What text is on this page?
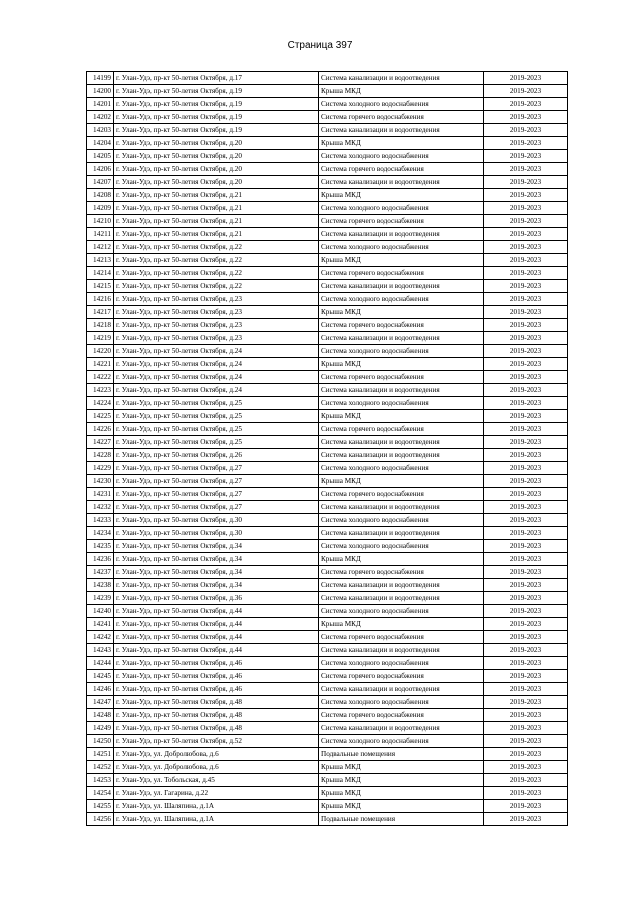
Страница 397
14199	г. Улан-Удэ, пр-кт 50-летия Октября, д.17	Система канализации и водоотведения	2019-2023
14200	г. Улан-Удэ, пр-кт 50-летия Октября, д.19	Крыша МКД	2019-2023
14201	г. Улан-Удэ, пр-кт 50-летия Октября, д.19	Система холодного водоснабжения	2019-2023
14202	г. Улан-Удэ, пр-кт 50-летия Октября, д.19	Система горячего водоснабжения	2019-2023
14203	г. Улан-Удэ, пр-кт 50-летия Октября, д.19	Система канализации и водоотведения	2019-2023
14204	г. Улан-Удэ, пр-кт 50-летия Октября, д.20	Крыша МКД	2019-2023
14205	г. Улан-Удэ, пр-кт 50-летия Октября, д.20	Система холодного водоснабжения	2019-2023
14206	г. Улан-Удэ, пр-кт 50-летия Октября, д.20	Система горячего водоснабжения	2019-2023
14207	г. Улан-Удэ, пр-кт 50-летия Октября, д.20	Система канализации и водоотведения	2019-2023
14208	г. Улан-Удэ, пр-кт 50-летия Октября, д.21	Крыша МКД	2019-2023
14209	г. Улан-Удэ, пр-кт 50-летия Октября, д.21	Система холодного водоснабжения	2019-2023
14210	г. Улан-Удэ, пр-кт 50-летия Октября, д.21	Система горячего водоснабжения	2019-2023
14211	г. Улан-Удэ, пр-кт 50-летия Октября, д.21	Система канализации и водоотведения	2019-2023
14212	г. Улан-Удэ, пр-кт 50-летия Октября, д.22	Система холодного водоснабжения	2019-2023
14213	г. Улан-Удэ, пр-кт 50-летия Октября, д.22	Крыша МКД	2019-2023
14214	г. Улан-Удэ, пр-кт 50-летия Октября, д.22	Система горячего водоснабжения	2019-2023
14215	г. Улан-Удэ, пр-кт 50-летия Октября, д.22	Система канализации и водоотведения	2019-2023
14216	г. Улан-Удэ, пр-кт 50-летия Октября, д.23	Система холодного водоснабжения	2019-2023
14217	г. Улан-Удэ, пр-кт 50-летия Октября, д.23	Крыша МКД	2019-2023
14218	г. Улан-Удэ, пр-кт 50-летия Октября, д.23	Система горячего водоснабжения	2019-2023
14219	г. Улан-Удэ, пр-кт 50-летия Октября, д.23	Система канализации и водоотведения	2019-2023
14220	г. Улан-Удэ, пр-кт 50-летия Октября, д.24	Система холодного водоснабжения	2019-2023
14221	г. Улан-Удэ, пр-кт 50-летия Октября, д.24	Крыша МКД	2019-2023
14222	г. Улан-Удэ, пр-кт 50-летия Октября, д.24	Система горячего водоснабжения	2019-2023
14223	г. Улан-Удэ, пр-кт 50-летия Октября, д.24	Система канализации и водоотведения	2019-2023
14224	г. Улан-Удэ, пр-кт 50-летия Октября, д.25	Система холодного водоснабжения	2019-2023
14225	г. Улан-Удэ, пр-кт 50-летия Октября, д.25	Крыша МКД	2019-2023
14226	г. Улан-Удэ, пр-кт 50-летия Октября, д.25	Система горячего водоснабжения	2019-2023
14227	г. Улан-Удэ, пр-кт 50-летия Октября, д.25	Система канализации и водоотведения	2019-2023
14228	г. Улан-Удэ, пр-кт 50-летия Октября, д.26	Система канализации и водоотведения	2019-2023
14229	г. Улан-Удэ, пр-кт 50-летия Октября, д.27	Система холодного водоснабжения	2019-2023
14230	г. Улан-Удэ, пр-кт 50-летия Октября, д.27	Крыша МКД	2019-2023
14231	г. Улан-Удэ, пр-кт 50-летия Октября, д.27	Система горячего водоснабжения	2019-2023
14232	г. Улан-Удэ, пр-кт 50-летия Октября, д.27	Система канализации и водоотведения	2019-2023
14233	г. Улан-Удэ, пр-кт 50-летия Октября, д.30	Система холодного водоснабжения	2019-2023
14234	г. Улан-Удэ, пр-кт 50-летия Октября, д.30	Система канализации и водоотведения	2019-2023
14235	г. Улан-Удэ, пр-кт 50-летия Октября, д.34	Система холодного водоснабжения	2019-2023
14236	г. Улан-Удэ, пр-кт 50-летия Октября, д.34	Крыша МКД	2019-2023
14237	г. Улан-Удэ, пр-кт 50-летия Октября, д.34	Система горячего водоснабжения	2019-2023
14238	г. Улан-Удэ, пр-кт 50-летия Октября, д.34	Система канализации и водоотведения	2019-2023
14239	г. Улан-Удэ, пр-кт 50-летия Октября, д.36	Система канализации и водоотведения	2019-2023
14240	г. Улан-Удэ, пр-кт 50-летия Октября, д.44	Система холодного водоснабжения	2019-2023
14241	г. Улан-Удэ, пр-кт 50-летия Октября, д.44	Крыша МКД	2019-2023
14242	г. Улан-Удэ, пр-кт 50-летия Октября, д.44	Система горячего водоснабжения	2019-2023
14243	г. Улан-Удэ, пр-кт 50-летия Октября, д.44	Система канализации и водоотведения	2019-2023
14244	г. Улан-Удэ, пр-кт 50-летия Октября, д.46	Система холодного водоснабжения	2019-2023
14245	г. Улан-Удэ, пр-кт 50-летия Октября, д.46	Система горячего водоснабжения	2019-2023
14246	г. Улан-Удэ, пр-кт 50-летия Октября, д.46	Система канализации и водоотведения	2019-2023
14247	г. Улан-Удэ, пр-кт 50-летия Октября, д.48	Система холодного водоснабжения	2019-2023
14248	г. Улан-Удэ, пр-кт 50-летия Октября, д.48	Система горячего водоснабжения	2019-2023
14249	г. Улан-Удэ, пр-кт 50-летия Октября, д.48	Система канализации и водоотведения	2019-2023
14250	г. Улан-Удэ, пр-кт 50-летия Октября, д.52	Система холодного водоснабжения	2019-2023
14251	г. Улан-Удэ, ул. Добролюбова, д.6	Подвальные помещения	2019-2023
14252	г. Улан-Удэ, ул. Добролюбова, д.6	Крыша МКД	2019-2023
14253	г. Улан-Удэ, ул. Тобольская, д.45	Крыша МКД	2019-2023
14254	г. Улан-Удэ, ул. Гагарина, д.22	Крыша МКД	2019-2023
14255	г. Улан-Удэ, ул. Шаляпина, д.1А	Крыша МКД	2019-2023
14256	г. Улан-Удэ, ул. Шаляпина, д.1А	Подвальные помещения	2019-2023
